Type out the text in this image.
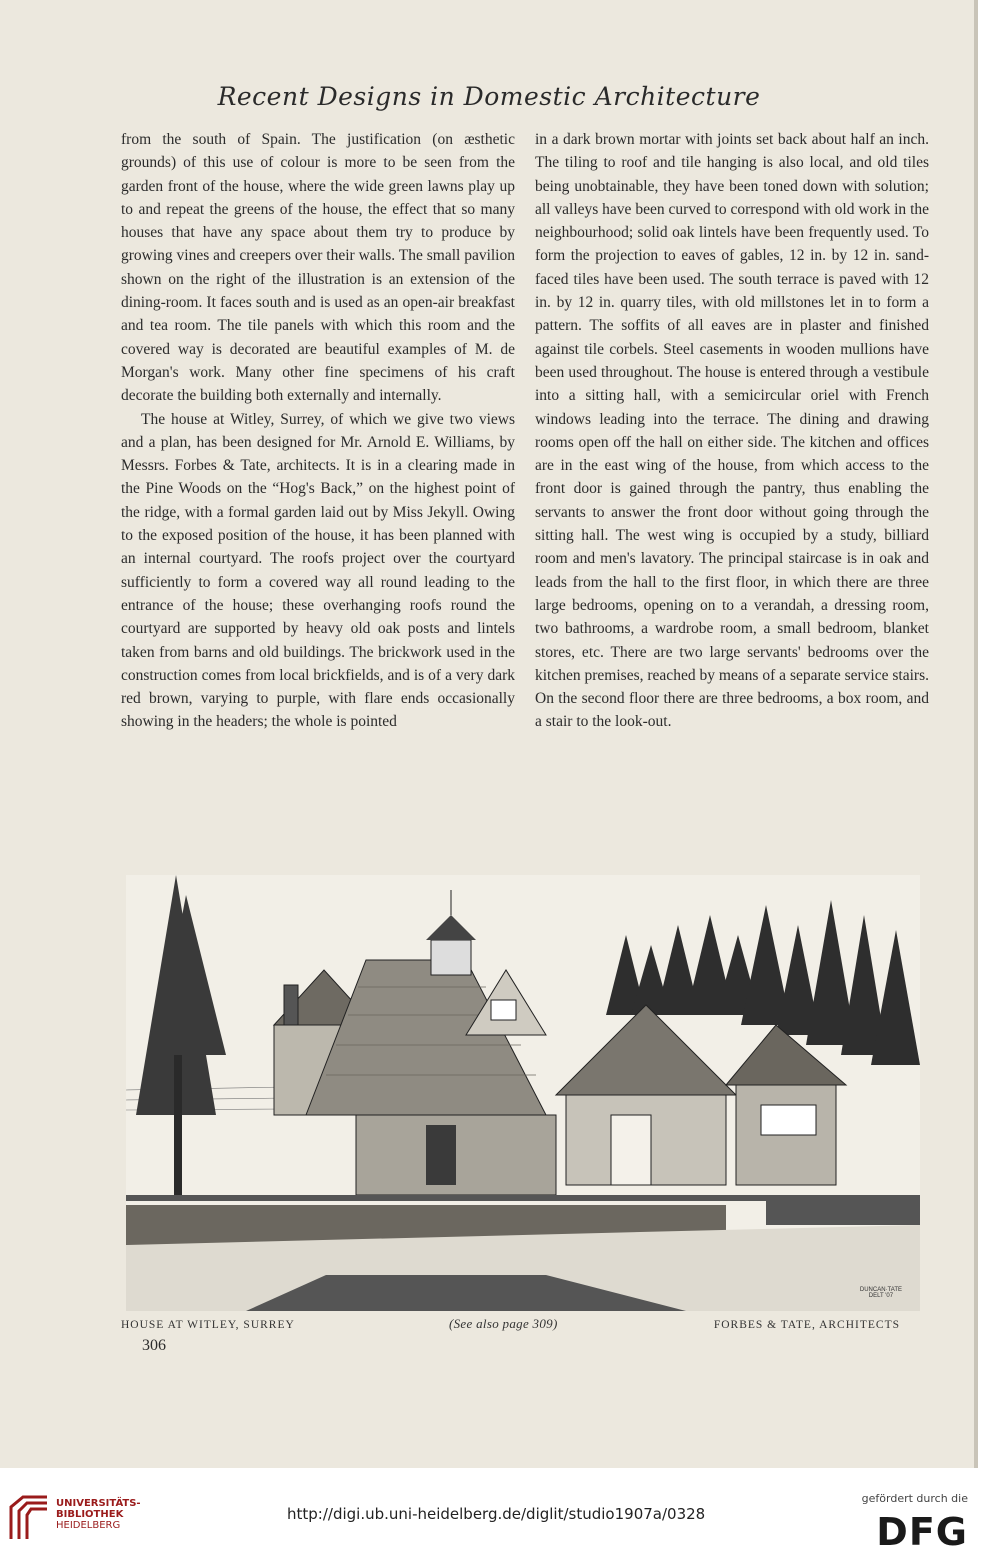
Recent Designs in Domestic Architecture

from the south of Spain. The justification (on æsthetic grounds) of this use of colour is more to be seen from the garden front of the house, where the wide green lawns play up to and repeat the greens of the house, the effect that so many houses that have any space about them try to produce by growing vines and creepers over their walls. The small pavilion shown on the right of the illustration is an extension of the dining-room. It faces south and is used as an open-air breakfast and tea room. The tile panels with which this room and the covered way is decorated are beautiful examples of M. de Morgan's work. Many other fine specimens of his craft decorate the building both externally and internally.

The house at Witley, Surrey, of which we give two views and a plan, has been designed for Mr. Arnold E. Williams, by Messrs. Forbes & Tate, architects. It is in a clearing made in the Pine Woods on the “Hog's Back,” on the highest point of the ridge, with a formal garden laid out by Miss Jekyll. Owing to the exposed position of the house, it has been planned with an internal courtyard. The roofs project over the courtyard sufficiently to form a covered way all round leading to the entrance of the house; these overhanging roofs round the courtyard are supported by heavy old oak posts and lintels taken from barns and old buildings. The brickwork used in the construction comes from local brickfields, and is of a very dark red brown, varying to purple, with flare ends occasionally showing in the headers; the whole is pointed

in a dark brown mortar with joints set back about half an inch. The tiling to roof and tile hanging is also local, and old tiles being unobtainable, they have been toned down with solution; all valleys have been curved to correspond with old work in the neighbourhood; solid oak lintels have been frequently used. To form the projection to eaves of gables, 12 in. by 12 in. sand-faced tiles have been used. The south terrace is paved with 12 in. by 12 in. quarry tiles, with old millstones let in to form a pattern. The soffits of all eaves are in plaster and finished against tile corbels. Steel casements in wooden mullions have been used throughout. The house is entered through a vestibule into a sitting hall, with a semicircular oriel with French windows leading into the terrace. The dining and drawing rooms open off the hall on either side. The kitchen and offices are in the east wing of the house, from which access to the front door is gained through the pantry, thus enabling the servants to answer the front door without going through the sitting hall. The west wing is occupied by a study, billiard room and men's lavatory. The principal staircase is in oak and leads from the hall to the first floor, in which there are three large bedrooms, opening on to a verandah, a dressing room, two bathrooms, a wardrobe room, a small bedroom, blanket stores, etc. There are two large servants' bedrooms over the kitchen premises, reached by means of a separate service stairs. On the second floor there are three bedrooms, a box room, and a stair to the look-out.

DUNCAN·TATE
DELT '07
HOUSE AT WITLEY, SURREY	(See also page 309)	FORBES & TATE, ARCHITECTS
306
UNIVERSITÄTS-
BIBLIOTHEK
HEIDELBERG
http://digi.ub.uni-heidelberg.de/diglit/studio1907a/0328
gefördert durch die
DFG
